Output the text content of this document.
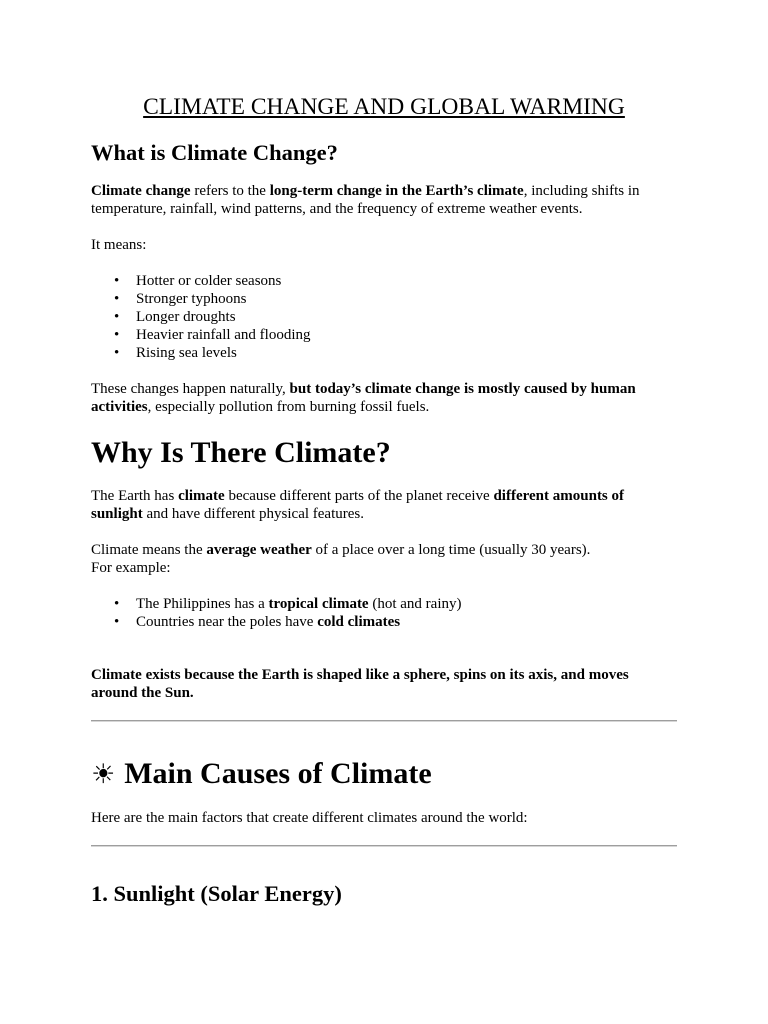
CLIMATE CHANGE AND GLOBAL WARMING
What is Climate Change?

Climate change refers to the long-term change in the Earth’s climate, including shifts in temperature, rainfall, wind patterns, and the frequency of extreme weather events.

It means:

• Hotter or colder seasons
• Stronger typhoons
• Longer droughts
• Heavier rainfall and flooding
• Rising sea levels

These changes happen naturally, but today’s climate change is mostly caused by human activities, especially pollution from burning fossil fuels.

Why Is There Climate?

The Earth has climate because different parts of the planet receive different amounts of sunlight and have different physical features.

Climate means the average weather of a place over a long time (usually 30 years).
For example:

• The Philippines has a tropical climate (hot and rainy)
• Countries near the poles have cold climates

Climate exists because the Earth is shaped like a sphere, spins on its axis, and moves around the Sun.

☀ Main Causes of Climate

Here are the main factors that create different climates around the world:

1. Sunlight (Solar Energy)
